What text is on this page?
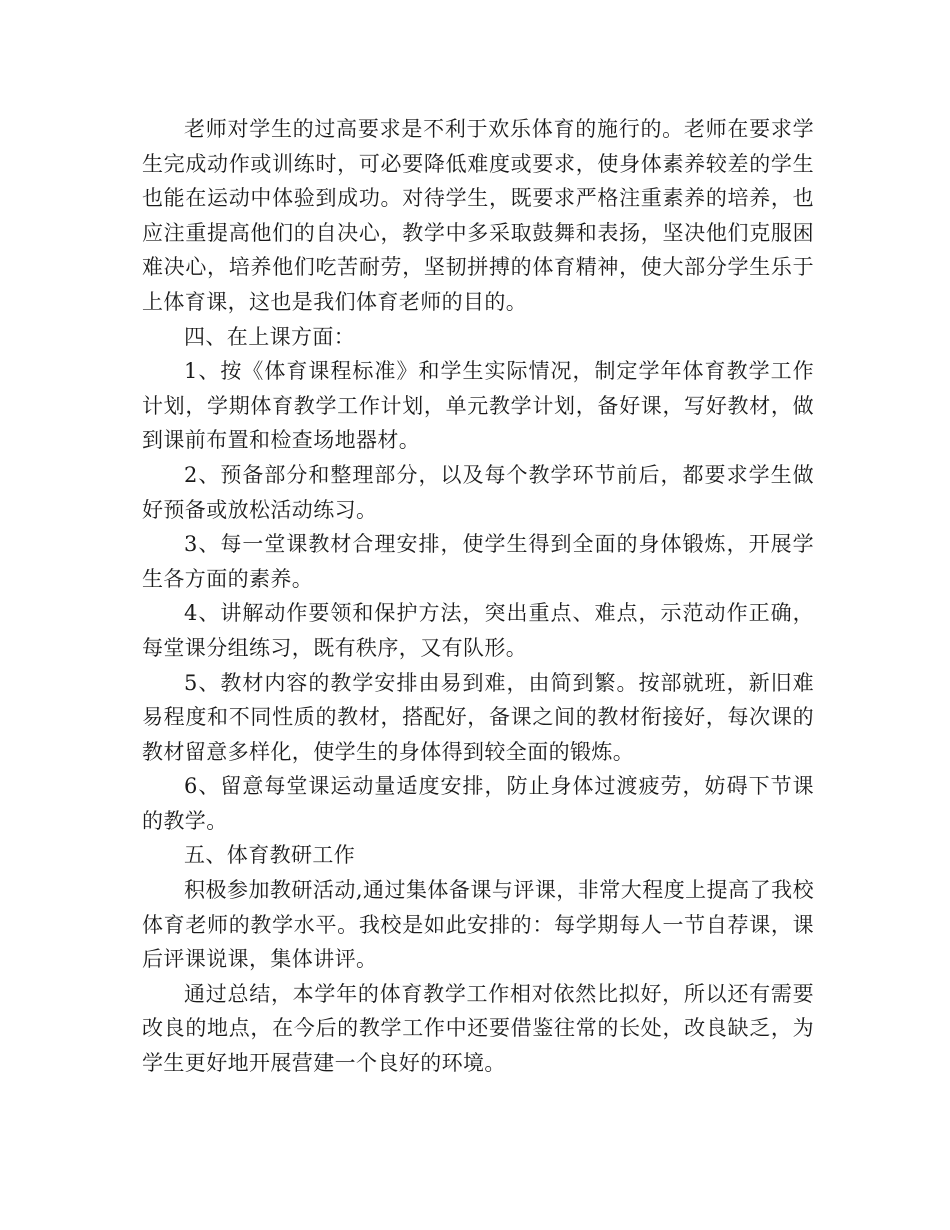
老师对学生的过高要求是不利于欢乐体育的施行的。老师在要求学生完成动作或训练时，可必要降低难度或要求，使身体素养较差的学生也能在运动中体验到成功。对待学生，既要求严格注重素养的培养，也应注重提高他们的自决心，教学中多采取鼓舞和表扬，坚决他们克服困难决心，培养他们吃苦耐劳，坚韧拼搏的体育精神，使大部分学生乐于上体育课，这也是我们体育老师的目的。

四、在上课方面：

1、按《体育课程标准》和学生实际情况，制定学年体育教学工作计划，学期体育教学工作计划，单元教学计划，备好课，写好教材，做到课前布置和检查场地器材。

2、预备部分和整理部分，以及每个教学环节前后，都要求学生做好预备或放松活动练习。

3、每一堂课教材合理安排，使学生得到全面的身体锻炼，开展学生各方面的素养。

4、讲解动作要领和保护方法，突出重点、难点，示范动作正确，每堂课分组练习，既有秩序，又有队形。

5、教材内容的教学安排由易到难，由简到繁。按部就班，新旧难易程度和不同性质的教材，搭配好，备课之间的教材衔接好，每次课的教材留意多样化，使学生的身体得到较全面的锻炼。

6、留意每堂课运动量适度安排，防止身体过渡疲劳，妨碍下节课的教学。

五、体育教研工作

积极参加教研活动,通过集体备课与评课，非常大程度上提高了我校体育老师的教学水平。我校是如此安排的：每学期每人一节自荐课，课后评课说课，集体讲评。

通过总结，本学年的体育教学工作相对依然比拟好，所以还有需要改良的地点，在今后的教学工作中还要借鉴往常的长处，改良缺乏，为学生更好地开展营建一个良好的环境。
